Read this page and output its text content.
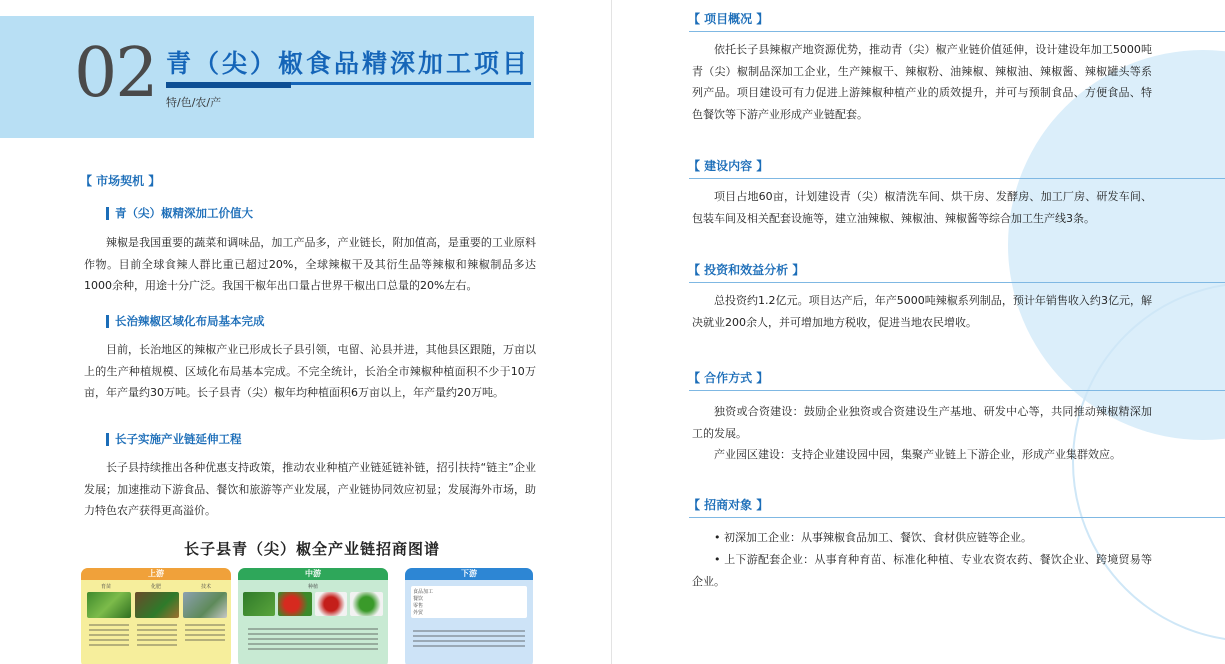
02 青（尖）椒食品精深加工项目
特/色/农/产
【 市场契机 】
青（尖）椒精深加工价值大
辣椒是我国重要的蔬菜和调味品，加工产品多，产业链长，附加值高，是重要的工业原料作物。目前全球食辣人群比重已超过20%，全球辣椒干及其衍生品等辣椒和辣椒制品多达1000余种，用途十分广泛。我国干椒年出口量占世界干椒出口总量的20%左右。
长治辣椒区域化布局基本完成
目前，长治地区的辣椒产业已形成长子县引领，屯留、沁县并进，其他县区跟随，万亩以上的生产种植规模、区域化布局基本完成。不完全统计，长治全市辣椒种植面积不少于10万亩，年产量约30万吨。长子县青（尖）椒年均种植面积6万亩以上，年产量约20万吨。
长子实施产业链延伸工程
长子县持续推出各种优惠支持政策，推动农业种植产业链延链补链，招引扶持“链主”企业发展；加速推动下游食品、餐饮和旅游等产业发展，产业链协同效应初显；发展海外市场，助力特色农产获得更高溢价。
长子县青（尖）椒全产业链招商图谱
上游
育苗	化肥	技术
中游
种植
下游
食品加工
餐饮
零售
外贸
【 项目概况 】
依托长子县辣椒产地资源优势，推动青（尖）椒产业链价值延伸，设计建设年加工5000吨青（尖）椒制品深加工企业，生产辣椒干、辣椒粉、油辣椒、辣椒油、辣椒酱、辣椒罐头等系列产品。项目建设可有力促进上游辣椒种植产业的质效提升，并可与预制食品、方便食品、特色餐饮等下游产业形成产业链配套。
【 建设内容 】
项目占地60亩，计划建设青（尖）椒清洗车间、烘干房、发酵房、加工厂房、研发车间、包装车间及相关配套设施等，建立油辣椒、辣椒油、辣椒酱等综合加工生产线3条。
【 投资和效益分析 】
总投资约1.2亿元。项目达产后，年产5000吨辣椒系列制品，预计年销售收入约3亿元，解决就业200余人，并可增加地方税收，促进当地农民增收。
【 合作方式 】
独资或合资建设：鼓励企业独资或合资建设生产基地、研发中心等，共同推动辣椒精深加工的发展。
产业园区建设：支持企业建设园中园，集聚产业链上下游企业，形成产业集群效应。
【 招商对象 】
• 初深加工企业：从事辣椒食品加工、餐饮、食材供应链等企业。
• 上下游配套企业：从事育种育苗、标准化种植、专业农资农药、餐饮企业、跨境贸易等企业。
